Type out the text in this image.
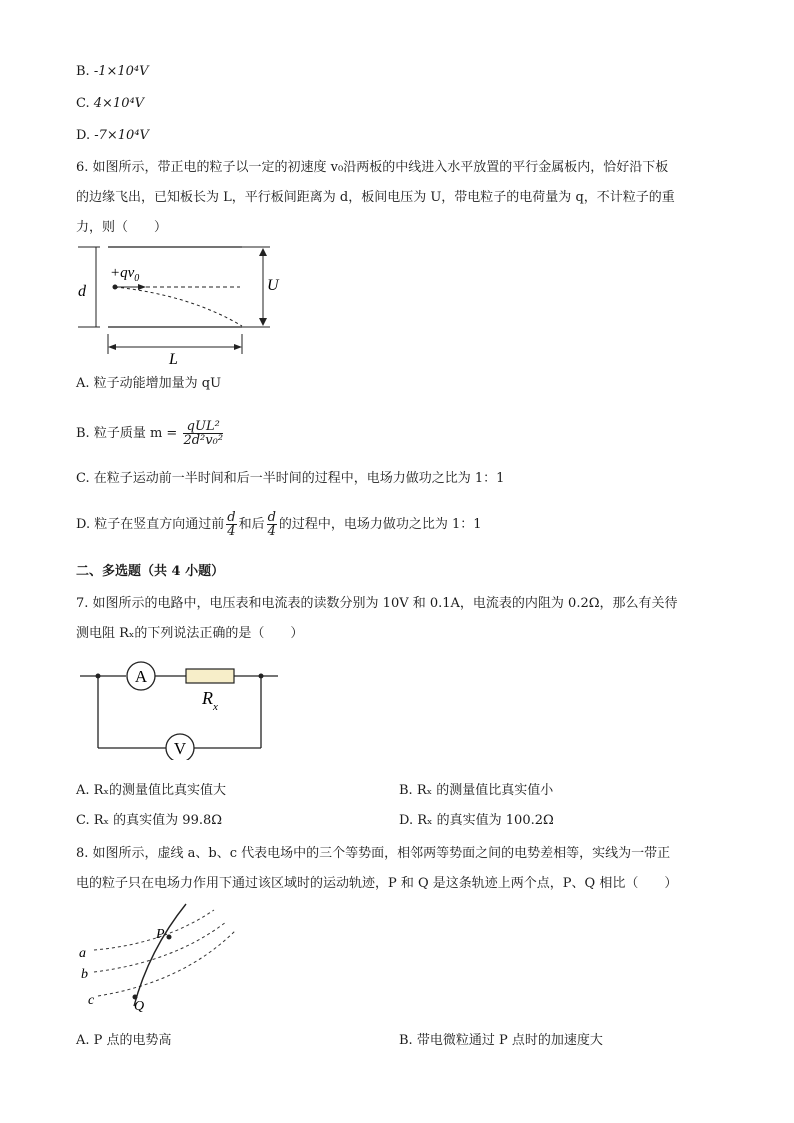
B. -1×10⁴V
C. 4×10⁴V
D. -7×10⁴V
6. 如图所示，带正电的粒子以一定的初速度 v₀沿两板的中线进入水平放置的平行金属板内，恰好沿下板
的边缘飞出，已知板长为 L，平行板间距离为 d，板间电压为 U，带电粒子的电荷量为 q，不计粒子的重
力，则（　　）
d	U
$+qv_0$
L
A. 粒子动能增加量为 qU
B. 粒子质量 $m = \frac{\text{qUL²}}{\text{2d²v₀²}}$
C. 在粒子运动前一半时间和后一半时间的过程中，电场力做功之比为 1：1
D. 粒子在竖直方向通过前 $\frac{d}{4}$ 和后 $\frac{d}{4}$ 的过程中，电场力做功之比为 1：1
二、多选题（共 4 小题）
7. 如图所示的电路中，电压表和电流表的读数分别为 10V 和 0.1A，电流表的内阻为 0.2Ω，那么有关待
测电阻 Rₓ的下列说法正确的是（　　）
A
$R_x$
V
A. Rₓ的测量值比真实值大	B. Rₓ 的测量值比真实值小
C. Rₓ 的真实值为 99.8Ω	D. Rₓ 的真实值为 100.2Ω
8. 如图所示，虚线 a、b、c 代表电场中的三个等势面，相邻两等势面之间的电势差相等，实线为一带正
电的粒子只在电场力作用下通过该区域时的运动轨迹，P 和 Q 是这条轨迹上两个点，P、Q 相比（　　）
a
b
c
P
Q
A. P 点的电势高	B. 带电微粒通过 P 点时的加速度大
